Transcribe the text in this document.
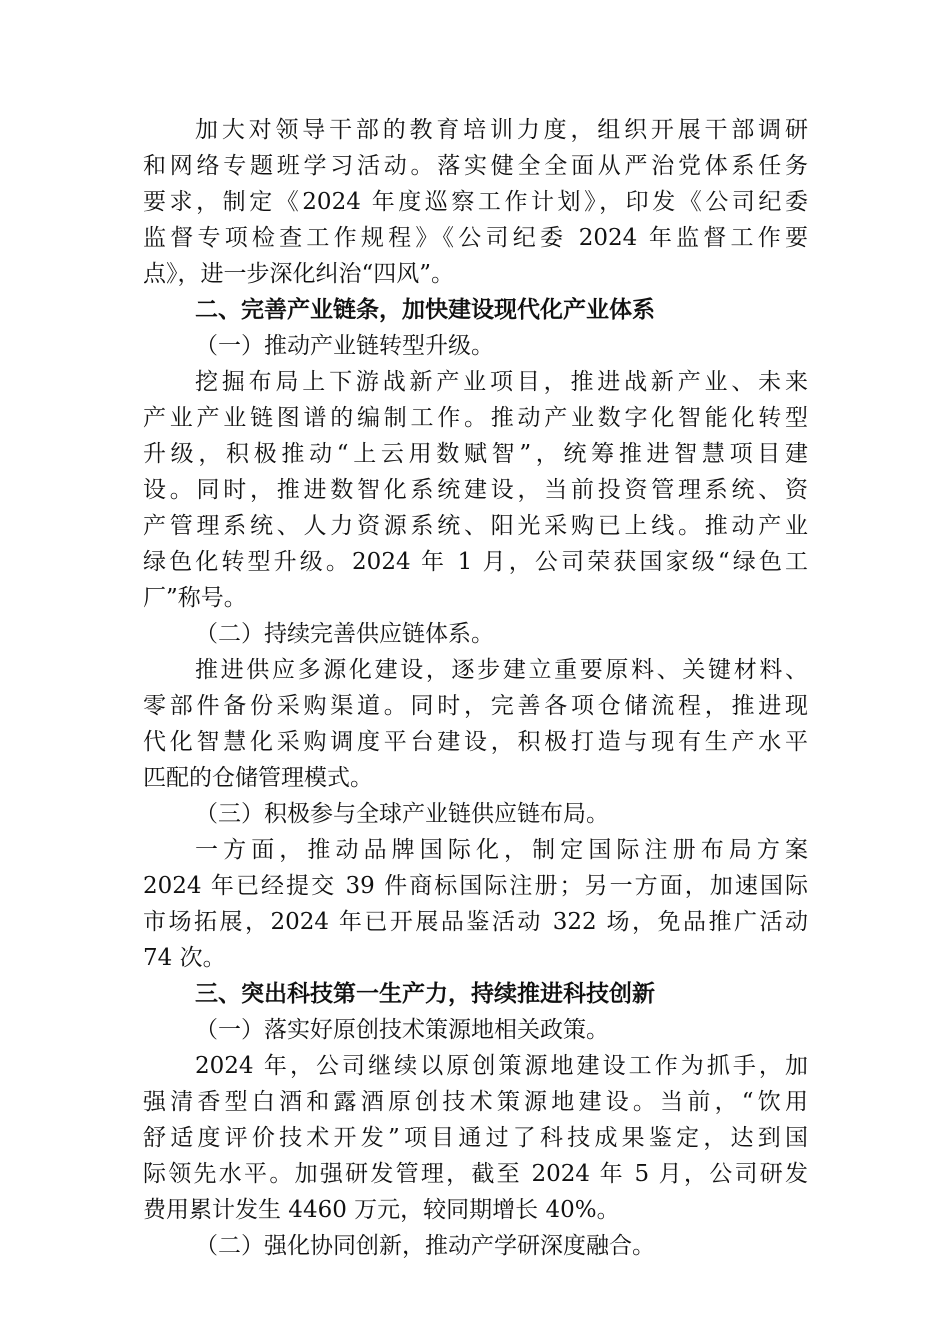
加大对领导干部的教育培训力度，组织开展干部调研
和网络专题班学习活动。落实健全全面从严治党体系任务
要求，制定《2024 年度巡察工作计划》，印发《公司纪委
监督专项检查工作规程》《公司纪委 2024 年监督工作要
点》，进一步深化纠治“四风”。
二、完善产业链条，加快建设现代化产业体系
（一）推动产业链转型升级。
挖掘布局上下游战新产业项目，推进战新产业、未来
产业产业链图谱的编制工作。推动产业数字化智能化转型
升级，积极推动“上云用数赋智”，统筹推进智慧项目建
设。同时，推进数智化系统建设，当前投资管理系统、资
产管理系统、人力资源系统、阳光采购已上线。推动产业
绿色化转型升级。2024 年 1 月，公司荣获国家级“绿色工
厂”称号。
（二）持续完善供应链体系。
推进供应多源化建设，逐步建立重要原料、关键材料、
零部件备份采购渠道。同时，完善各项仓储流程，推进现
代化智慧化采购调度平台建设，积极打造与现有生产水平
匹配的仓储管理模式。
（三）积极参与全球产业链供应链布局。
一方面，推动品牌国际化，制定国际注册布局方案
2024 年已经提交 39 件商标国际注册；另一方面，加速国际
市场拓展，2024 年已开展品鉴活动 322 场，免品推广活动
74 次。
三、突出科技第一生产力，持续推进科技创新
（一）落实好原创技术策源地相关政策。
2024 年，公司继续以原创策源地建设工作为抓手，加
强清香型白酒和露酒原创技术策源地建设。当前，“饮用
舒适度评价技术开发”项目通过了科技成果鉴定，达到国
际领先水平。加强研发管理，截至 2024 年 5 月，公司研发
费用累计发生 4460 万元，较同期增长 40%。
（二）强化协同创新，推动产学研深度融合。
